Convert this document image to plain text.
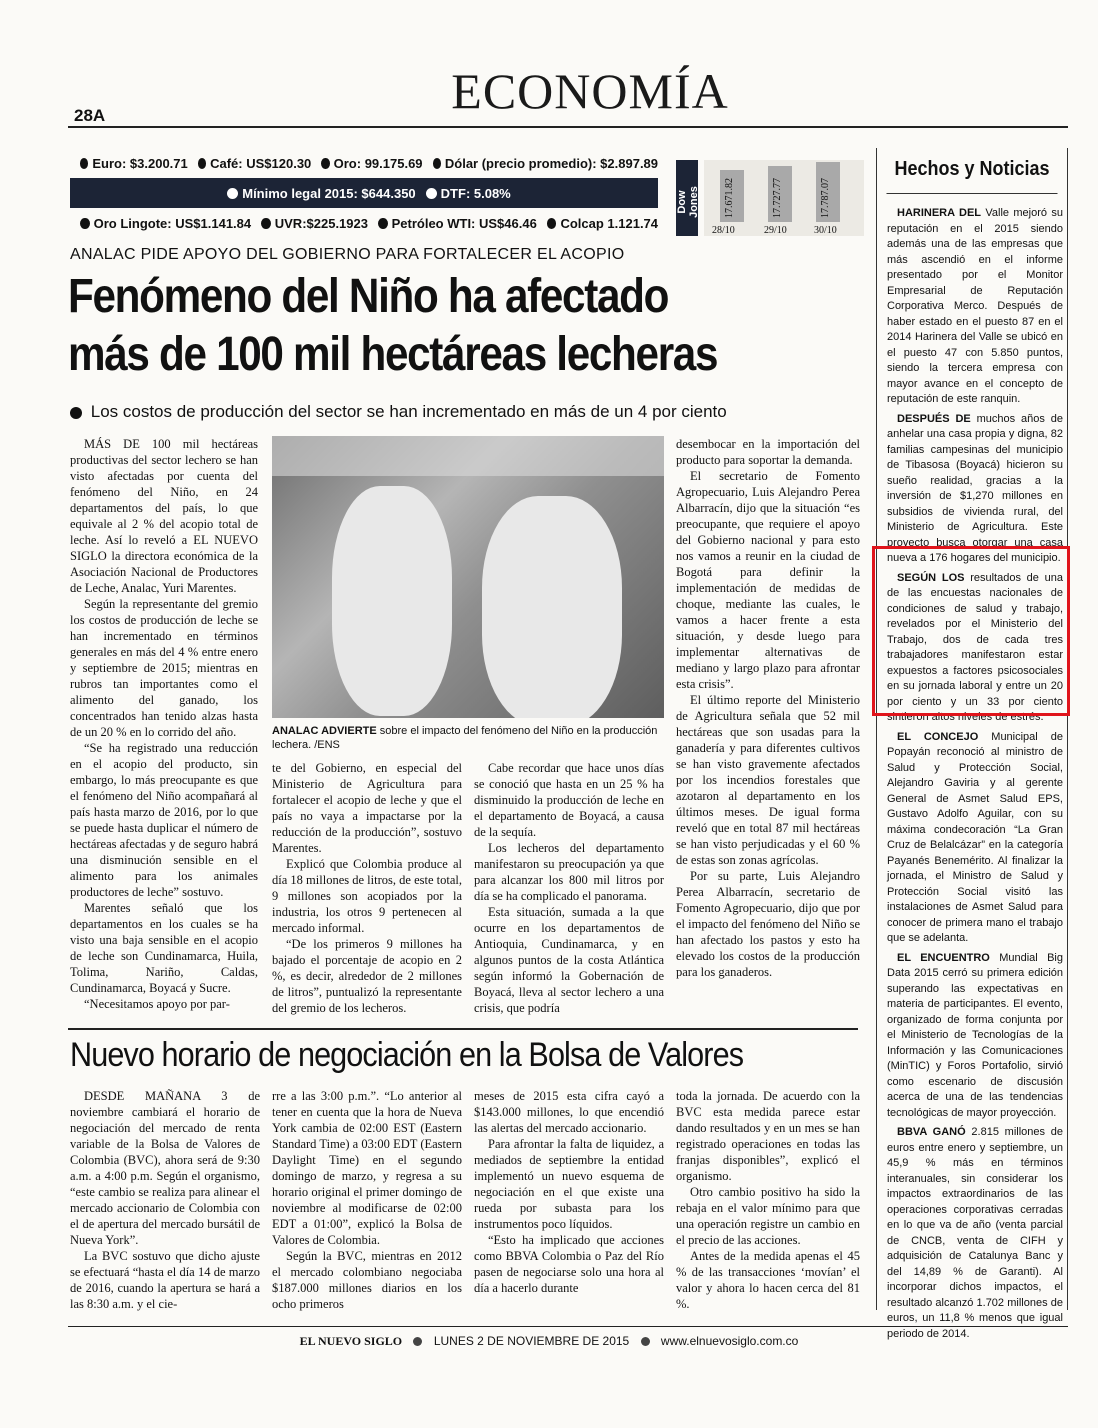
28A	ECONOMÍA
Euro: $3.200.71 Café: US$120.30 Oro: 99.175.69 Dólar (precio promedio): $2.897.89
Mínimo legal 2015: $644.350 DTF: 5.08%
Oro Lingote: US$1.141.84 UVR:$225.1923 Petróleo WTI: US$46.46 Colcap 1.121.74
Dow Jones 17.671.82	17.727.77	17.787.07
28/10	29/10	30/10
ANALAC PIDE APOYO DEL GOBIERNO PARA FORTALECER EL ACOPIO
Fenómeno del Niño ha afectado
más de 100 mil hectáreas lecheras
Los costos de producción del sector se han incrementado en más de un 4 por ciento

MÁS DE 100 mil hectáreas productivas del sector lechero se han visto afectadas por cuenta del fenómeno del Niño, en 24 departamentos del país, lo que equivale al 2 % del acopio total de leche. Así lo reveló a EL NUEVO SIGLO la directora económica de la Asociación Nacional de Productores de Leche, Analac, Yuri Marentes.

Según la representante del gremio los costos de producción de leche se han incrementado en términos generales en más del 4 % entre enero y septiembre de 2015; mientras en rubros tan importantes como el alimento del ganado, los concentrados han tenido alzas hasta de un 20 % en lo corrido del año.

“Se ha registrado una reducción en el acopio del producto, sin embargo, lo más preocupante es que el fenómeno del Niño acompañará al país hasta marzo de 2016, por lo que se puede hasta duplicar el número de hectáreas afectadas y de seguro habrá una disminución sensible en el alimento para los animales productores de leche” sostuvo.

Marentes señaló que los departamentos en los cuales se ha visto una baja sensible en el acopio de leche son Cundinamarca, Huila, Tolima, Nariño, Caldas, Cundinamarca, Boyacá y Sucre.

“Necesitamos apoyo por par-

ANALAC ADVIERTE sobre el impacto del fenómeno del Niño en la producción lechera. /ENS

te del Gobierno, en especial del Ministerio de Agricultura para fortalecer el acopio de leche y que el país no vaya a impactarse por la reducción de la producción”, sostuvo Marentes.

Explicó que Colombia produce al día 18 millones de litros, de este total, 9 millones son acopiados por la industria, los otros 9 pertenecen al mercado informal.

“De los primeros 9 millones ha bajado el porcentaje de acopio en 2 %, es decir, alrededor de 2 millones de litros”, puntualizó la representante del gremio de los lecheros.

Cabe recordar que hace unos días se conoció que hasta en un 25 % ha disminuido la producción de leche en el departamento de Boyacá, a causa de la sequía.

Los lecheros del departamento manifestaron su preocupación ya que para alcanzar los 800 mil litros por día se ha complicado el panorama.

Esta situación, sumada a la que ocurre en los departamentos de Antioquia, Cundinamarca, y en algunos puntos de la costa Atlántica según informó la Gobernación de Boyacá, lleva al sector lechero a una crisis, que podría

desembocar en la importación del producto para soportar la demanda.

El secretario de Fomento Agropecuario, Luis Alejandro Perea Albarracín, dijo que la situación “es preocupante, que requiere el apoyo del Gobierno nacional y para esto nos vamos a reunir en la ciudad de Bogotá para definir la implementación de medidas de choque, mediante las cuales, le vamos a hacer frente a esta situación, y desde luego para implementar alternativas de mediano y largo plazo para afrontar esta crisis”.

El último reporte del Ministerio de Agricultura señala que 52 mil hectáreas que son usadas para la ganadería y para diferentes cultivos se han visto gravemente afectados por los incendios forestales que azotaron al departamento en los últimos meses. De igual forma reveló que en total 87 mil hectáreas se han visto perjudicadas y el 60 % de estas son zonas agrícolas.

Por su parte, Luis Alejandro Perea Albarracín, secretario de Fomento Agropecuario, dijo que por el impacto del fenómeno del Niño se han afectado los pastos y esto ha elevado los costos de la producción para los ganaderos.

Nuevo horario de negociación en la Bolsa de Valores

DESDE MAÑANA 3 de noviembre cambiará el horario de negociación del mercado de renta variable de la Bolsa de Valores de Colombia (BVC), ahora será de 9:30 a.m. a 4:00 p.m. Según el organismo, “este cambio se realiza para alinear el mercado accionario de Colombia con el de apertura del mercado bursátil de Nueva York”.

La BVC sostuvo que dicho ajuste se efectuará “hasta el día 14 de marzo de 2016, cuando la apertura se hará a las 8:30 a.m. y el cie-

rre a las 3:00 p.m.”. “Lo anterior al tener en cuenta que la hora de Nueva York cambia de 02:00 EST (Eastern Standard Time) a 03:00 EDT (Eastern Daylight Time) en el segundo domingo de marzo, y regresa a su horario original el primer domingo de noviembre al modificarse de 02:00 EDT a 01:00”, explicó la Bolsa de Valores de Colombia.

Según la BVC, mientras en 2012 el mercado colombiano negociaba $187.000 millones diarios en los ocho primeros

meses de 2015 esta cifra cayó a $143.000 millones, lo que encendió las alertas del mercado accionario.

Para afrontar la falta de liquidez, a mediados de septiembre la entidad implementó un nuevo esquema de negociación en el que existe una rueda por subasta para los instrumentos poco líquidos.

“Esto ha implicado que acciones como BBVA Colombia o Paz del Río pasen de negociarse solo una hora al día a hacerlo durante

toda la jornada. De acuerdo con la BVC esta medida parece estar dando resultados y en un mes se han registrado operaciones en todas las franjas disponibles”, explicó el organismo.

Otro cambio positivo ha sido la rebaja en el valor mínimo para que una operación registre un cambio en el precio de las acciones.

Antes de la medida apenas el 45 % de las transacciones ‘movían’ el valor y ahora lo hacen cerca del 81 %.

Hechos y Noticias

HARINERA DEL Valle mejoró su reputación en el 2015 siendo además una de las empresas que más ascendió en el informe presentado por el Monitor Empresarial de Reputación Corporativa Merco. Después de haber estado en el puesto 87 en el 2014 Harinera del Valle se ubicó en el puesto 47 con 5.850 puntos, siendo la tercera empresa con mayor avance en el concepto de reputación de este ranquin.

DESPUÉS DE muchos años de anhelar una casa propia y digna, 82 familias campesinas del municipio de Tibasosa (Boyacá) hicieron su sueño realidad, gracias a la inversión de $1,270 millones en subsidios de vivienda rural, del Ministerio de Agricultura. Este proyecto busca otorgar una casa nueva a 176 hogares del municipio.

SEGÚN LOS resultados de una de las encuestas nacionales de condiciones de salud y trabajo, revelados por el Ministerio del Trabajo, dos de cada tres trabajadores manifestaron estar expuestos a factores psicosociales en su jornada laboral y entre un 20 por ciento y un 33 por ciento sintieron altos niveles de estrés.

EL CONCEJO Municipal de Popayán reconoció al ministro de Salud y Protección Social, Alejandro Gaviria y al gerente General de Asmet Salud EPS, Gustavo Adolfo Aguilar, con su máxima condecoración “La Gran Cruz de Belalcázar” en la categoría Payanés Benemérito. Al finalizar la jornada, el Ministro de Salud y Protección Social visitó las instalaciones de Asmet Salud para conocer de primera mano el trabajo que se adelanta.

EL ENCUENTRO Mundial Big Data 2015 cerró su primera edición superando las expectativas en materia de participantes. El evento, organizado de forma conjunta por el Ministerio de Tecnologías de la Información y las Comunicaciones (MinTIC) y Foros Portafolio, sirvió como escenario de discusión acerca de una de las tendencias tecnológicas de mayor proyección.

BBVA GANÓ 2.815 millones de euros entre enero y septiembre, un 45,9 % más en términos interanuales, sin considerar los impactos extraordinarios de las operaciones corporativas cerradas en lo que va de año (venta parcial de CNCB, venta de CIFH y adquisición de Catalunya Banc y del 14,89 % de Garanti). Al incorporar dichos impactos, el resultado alcanzó 1.702 millones de euros, un 11,8 % menos que igual periodo de 2014.

EL NUEVO SIGLO	LUNES 2 DE NOVIEMBRE DE 2015	www.elnuevosiglo.com.co
